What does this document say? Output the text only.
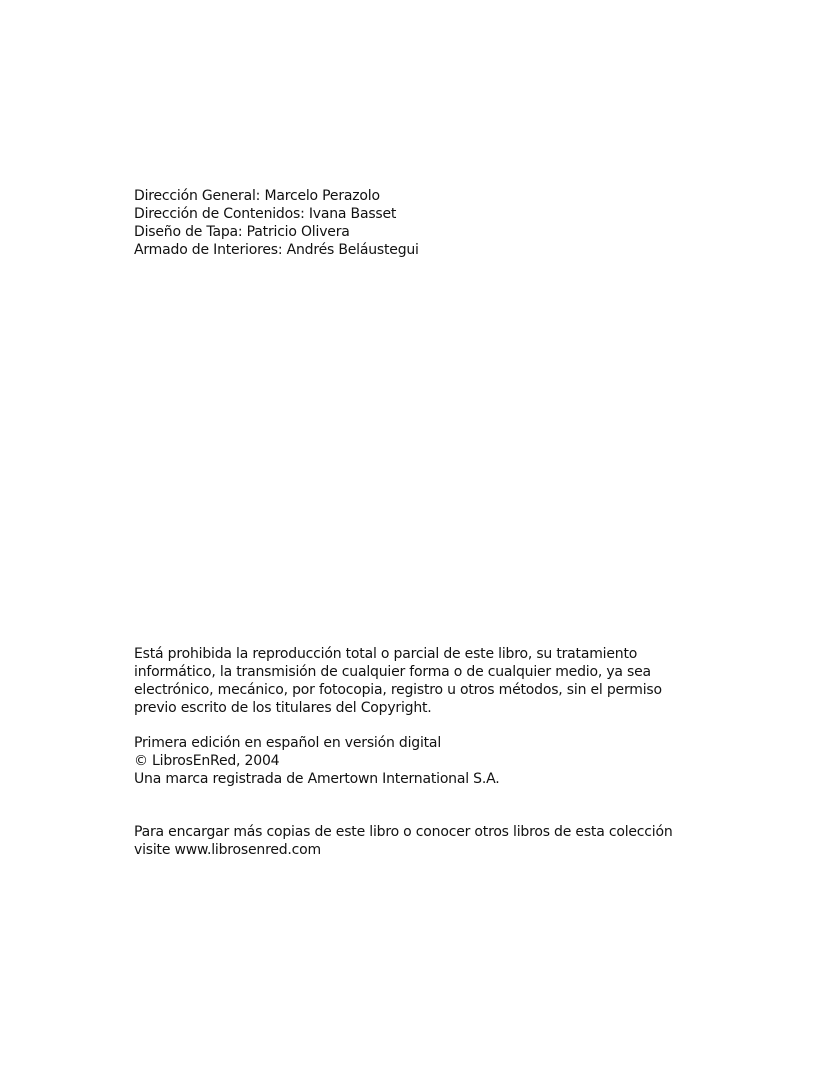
Dirección General: Marcelo Perazolo
Dirección de Contenidos: Ivana Basset
Diseño de Tapa: Patricio Olivera
Armado de Interiores: Andrés Beláustegui
Está prohibida la reproducción total o parcial de este libro, su tratamiento
informático, la transmisión de cualquier forma o de cualquier medio, ya sea
electrónico, mecánico, por fotocopia, registro u otros métodos, sin el permiso
previo escrito de los titulares del Copyright.
Primera edición en español en versión digital
© LibrosEnRed, 2004
Una marca registrada de Amertown International S.A.
Para encargar más copias de este libro o conocer otros libros de esta colección
visite www.librosenred.com
